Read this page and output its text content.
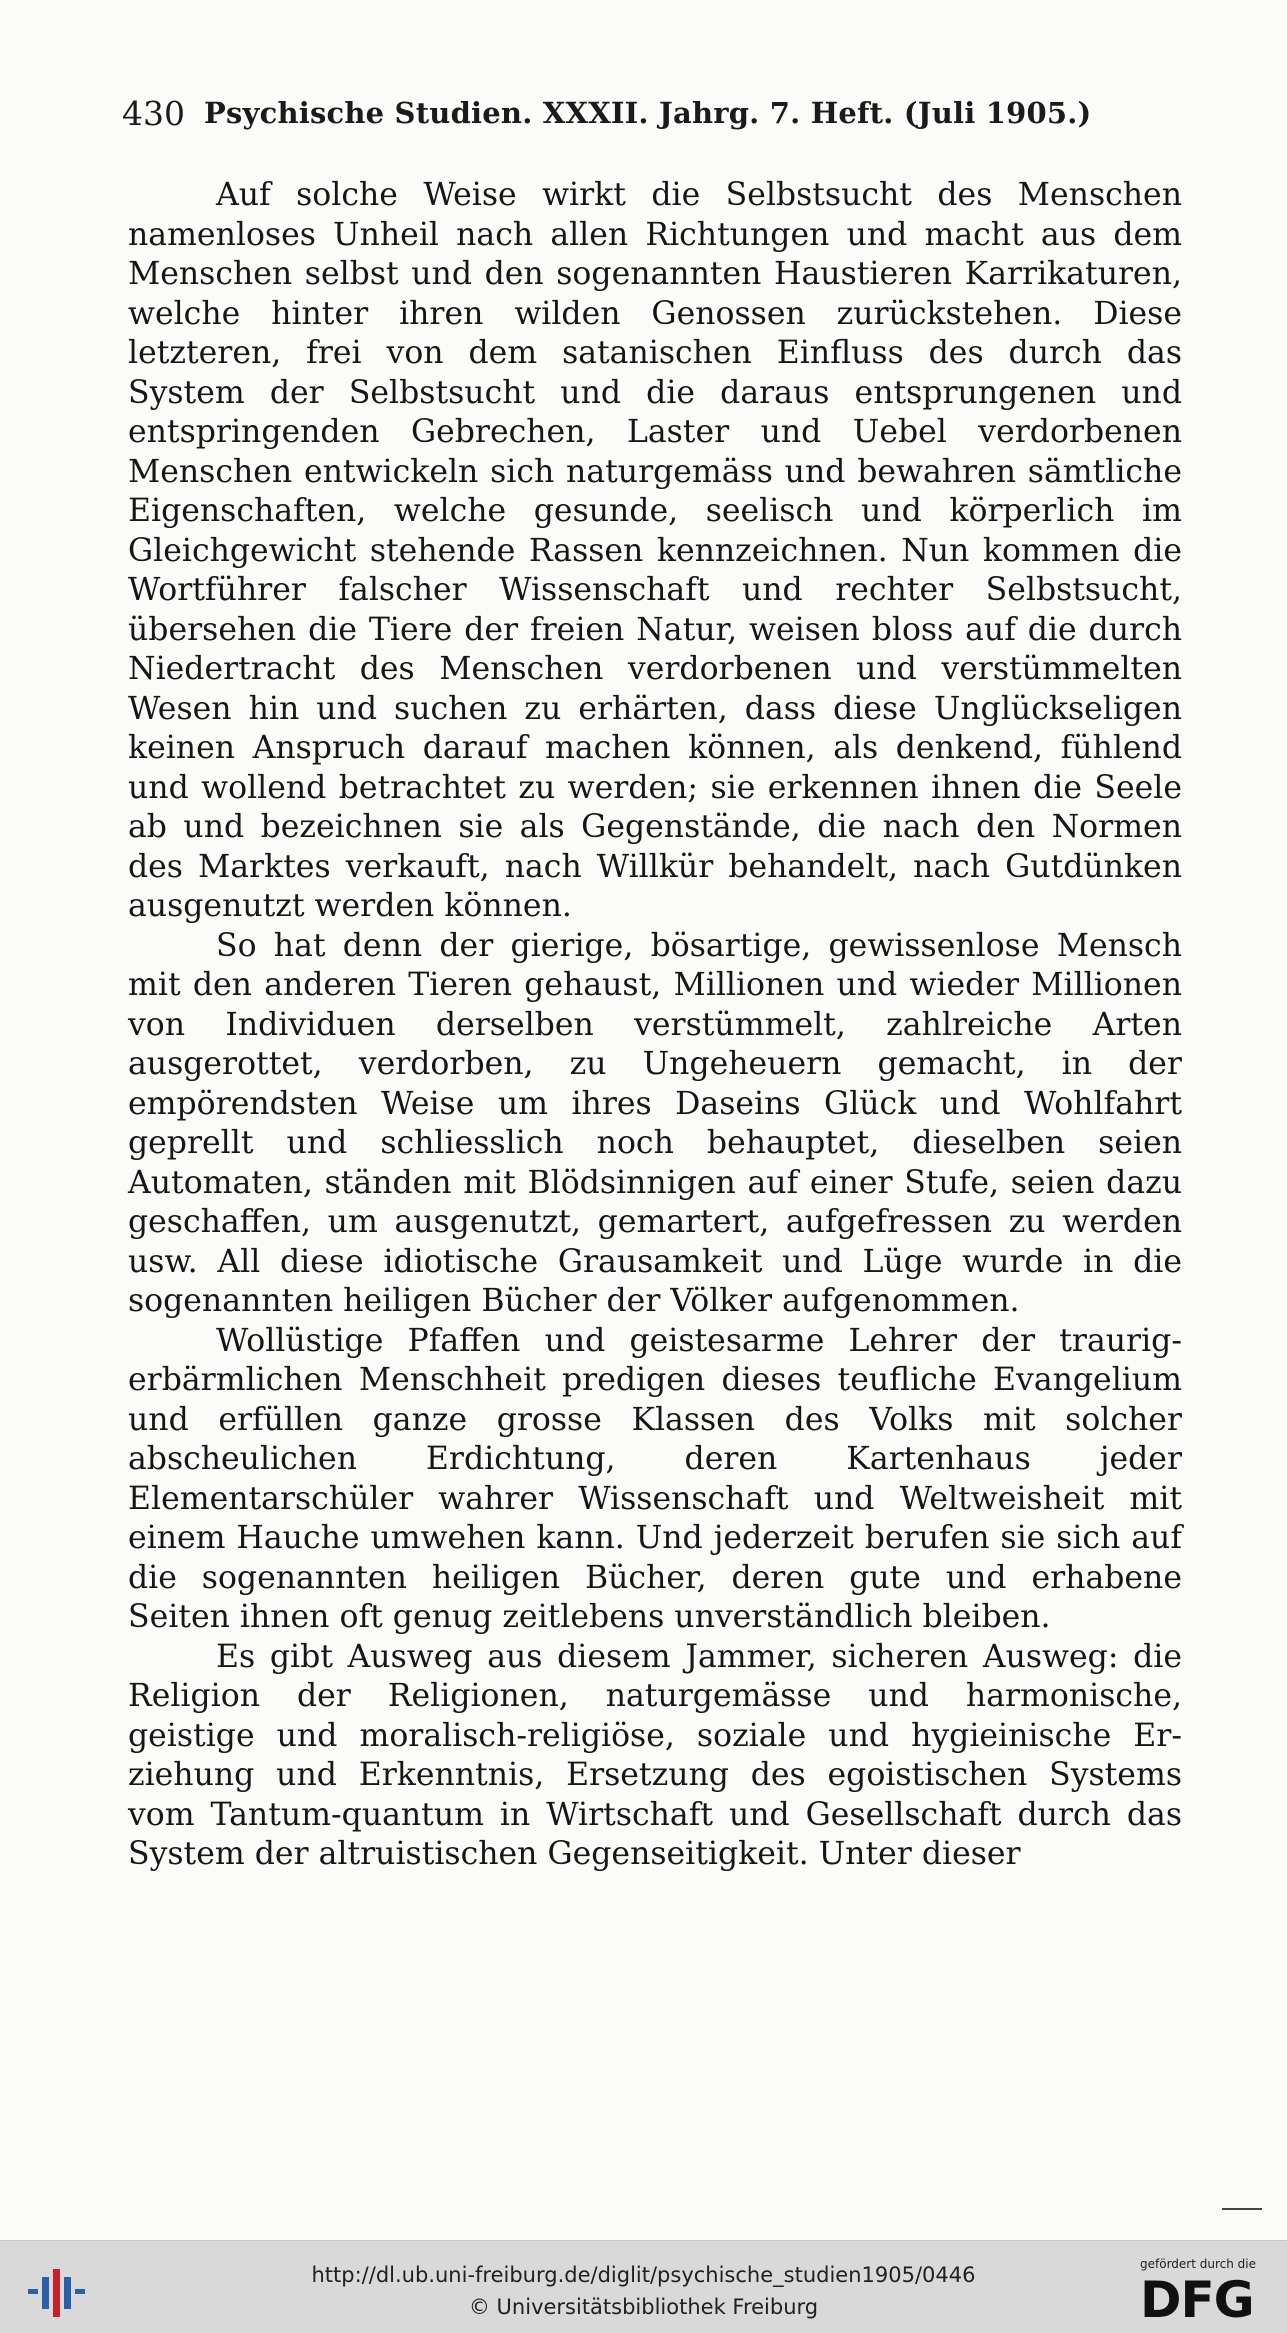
430 Psychische Studien. XXXII. Jahrg. 7. Heft. (Juli 1905.)

Auf solche Weise wirkt die Selbstsucht des Menschen namenloses Unheil nach allen Richtungen und macht aus dem Menschen selbst und den sogenannten Haustieren Karrikaturen, welche hinter ihren wilden Genossen zurückstehen. Diese letzteren, frei von dem satanischen Einfluss des durch das System der Selbstsucht und die daraus entsprungenen und entspringenden Gebrechen, Laster und Uebel verdorbenen Menschen entwickeln sich naturgemäss und bewahren sämtliche Eigenschaften, welche gesunde, seelisch und körperlich im Gleichgewicht stehende Rassen kennzeichnen. Nun kommen die Wortführer falscher Wissenschaft und rechter Selbstsucht, übersehen die Tiere der freien Natur, weisen bloss auf die durch Niedertracht des Menschen verdorbenen und verstümmelten Wesen hin und suchen zu erhärten, dass diese Unglückseligen keinen Anspruch darauf machen können, als denkend, fühlend und wollend betrachtet zu werden; sie erkennen ihnen die Seele ab und bezeichnen sie als Gegenstände, die nach den Normen des Marktes verkauft, nach Willkür behandelt, nach Gutdünken ausgenutzt werden können.

So hat denn der gierige, bösartige, gewissenlose Mensch mit den anderen Tieren gehaust, Millionen und wieder Millionen von Individuen derselben verstümmelt, zahlreiche Arten ausgerottet, verdorben, zu Ungeheuern gemacht, in der empörendsten Weise um ihres Daseins Glück und Wohlfahrt geprellt und schliesslich noch behauptet, dieselben seien Automaten, ständen mit Blödsinnigen auf einer Stufe, seien dazu geschaffen, um ausgenutzt, gemartert, aufgefressen zu werden usw. All diese idiotische Grausamkeit und Lüge wurde in die sogenannten heiligen Bücher der Völker aufgenommen.

Wollüstige Pfaffen und geistesarme Lehrer der traurigerbärmlichen Menschheit predigen dieses teufliche Evangelium und erfüllen ganze grosse Klassen des Volks mit solcher abscheulichen Erdichtung, deren Kartenhaus jeder Elementarschüler wahrer Wissenschaft und Weltweisheit mit einem Hauche umwehen kann. Und jederzeit berufen sie sich auf die sogenannten heiligen Bücher, deren gute und erhabene Seiten ihnen oft genug zeitlebens unverständlich bleiben.

Es gibt Ausweg aus diesem Jammer, sicheren Ausweg: die Religion der Religionen, naturgemässe und harmonische, geistige und moralisch-religiöse, soziale und hygieinische Erziehung und Erkenntnis, Ersetzung des egoistischen Systems vom Tantum-quantum in Wirtschaft und Gesellschaft durch das System der altruistischen Gegenseitigkeit. Unter dieser

http://dl.ub.uni-freiburg.de/diglit/psychische_studien1905/0446
© Universitätsbibliothek Freiburg
gefördert durch die
DFG
